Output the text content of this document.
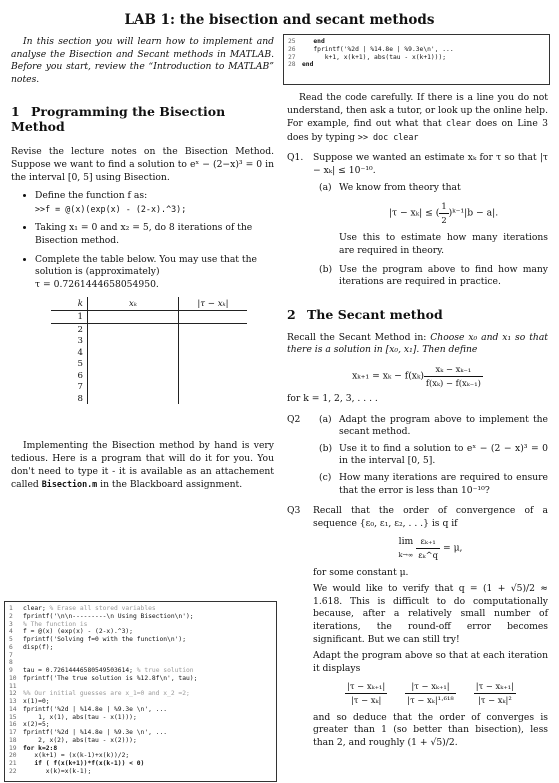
LAB 1: the bisection and secant methods

In this section you will learn how to implement and analyse the Bisection and Secant methods in MATLAB. Before you start, review the “Introduction to MATLAB” notes.

1 Programming the Bisection Method

Revise the lecture notes on the Bisection Method. Suppose we want to find a solution to eˣ − (2−x)³ = 0 in the interval [0, 5] using Bisection.

• Define the function f as:
>>f = @(x)(exp(x) - (2-x).^3);
• Taking x₁ = 0 and x₂ = 5, do 8 iterations of the Bisection method.
• Complete the table below. You may use that the solution is (approximately)
τ = 0.7261444658054950.
k	xₖ	|τ − xₖ|
1		
2		
3		
4		
5		
6		
7		
8		

Implementing the Bisection method by hand is very tedious. Here is a program that will do it for you. You don't need to type it - it is available as an attachement called Bisection.m in the Blackboard assignment.

1	clear; % Erase all stored variables
2	fprintf('\n\n---------\n Using Bisection\n');
3	% The function is
4	f = @(x) (exp(x) - (2-x).^3);
5	fprintf('Solving f=0 with the function\n');
6	disp(f);
7
8
9	tau = 0.72614446580549503614; % true solution
10	fprintf('The true solution is %12.8f\n', tau);
11
12	%% Our initial guesses are x_1=0 and x_2 =2;
13	x(1)=0;
14	fprintf('%2d | %14.8e | %9.3e \n', ...
15	1, x(1), abs(tau - x(1)));
16	x(2)=5;
17	fprintf('%2d | %14.8e | %9.3e \n', ...
18	2, x(2), abs(tau - x(2)));
19	for k=2:8
20	x(k+1) = (x(k-1)+x(k))/2;
21	if ( f(x(k+1))*f(x(k-1)) < 0)
22	x(k)=x(k-1);
25	end
26	fprintf('%2d | %14.8e | %9.3e\n', ...
27	k+1, x(k+1), abs(tau - x(k+1)));
28	end

Read the code carefully. If there is a line you do not understand, then ask a tutor, or look up the online help. For example, find out what that clear does on Line 3 does by typing >> doc clear

Q1.	Suppose we wanted an estimate xₖ for τ so that |τ − xₖ| ≤ 10⁻¹⁰.
(a) We know from theory that
|τ − xₖ| ≤ ( $\frac{1}{2}$ )ᵏ⁻¹|b − a|.
Use this to estimate how many iterations are required in theory.
(b) Use the program above to find how many iterations are required in practice.
2 The Secant method

Recall the Secant Method in: Choose x₀ and x₁ so that there is a solution in [x₀, x₁]. Then define

$x_{k+1} = x_k - f(x_k) \frac{\text{xₖ − xₖ₋₁}}{\text{f(xₖ) − f(xₖ₋₁)}}$

for k = 1, 2, 3, . . . .

Q2	(a) Adapt the program above to implement the secant method.
(b) Use it to find a solution to eˣ − (2 − x)³ = 0 in the interval [0, 5].
(c) How many iterations are required to ensure that the error is less than 10⁻¹⁰?
Q3	Recall that the order of convergence of a sequence {ε₀, ε₁, ε₂, . . .} is q if
lim
k→∞
$\frac{\text{εₖ₊₁}}{\text{εₖ\textasciicircum{}q}} = \mu$,
for some constant μ.

We would like to verify that q = (1 + √5)/2 ≈ 1.618. This is difficult to do computationally because, after a relatively small number of iterations, the round-off error becomes significant. But we can still try!

Adapt the program above so that at each iteration it displays

$\frac{\text{|τ − xₖ₊₁|}}{\text{|τ − xₖ|}} \frac{\text{|τ − xₖ₊₁|}}{\text{|τ − xₖ|¹·⁶¹⁸}} \frac{\text{|τ − xₖ₊₁|}}{\text{|τ − xₖ|²}}$

and so deduce that the order of converges is greater than 1 (so better than bisection), less than 2, and roughly (1 + √5)/2.
